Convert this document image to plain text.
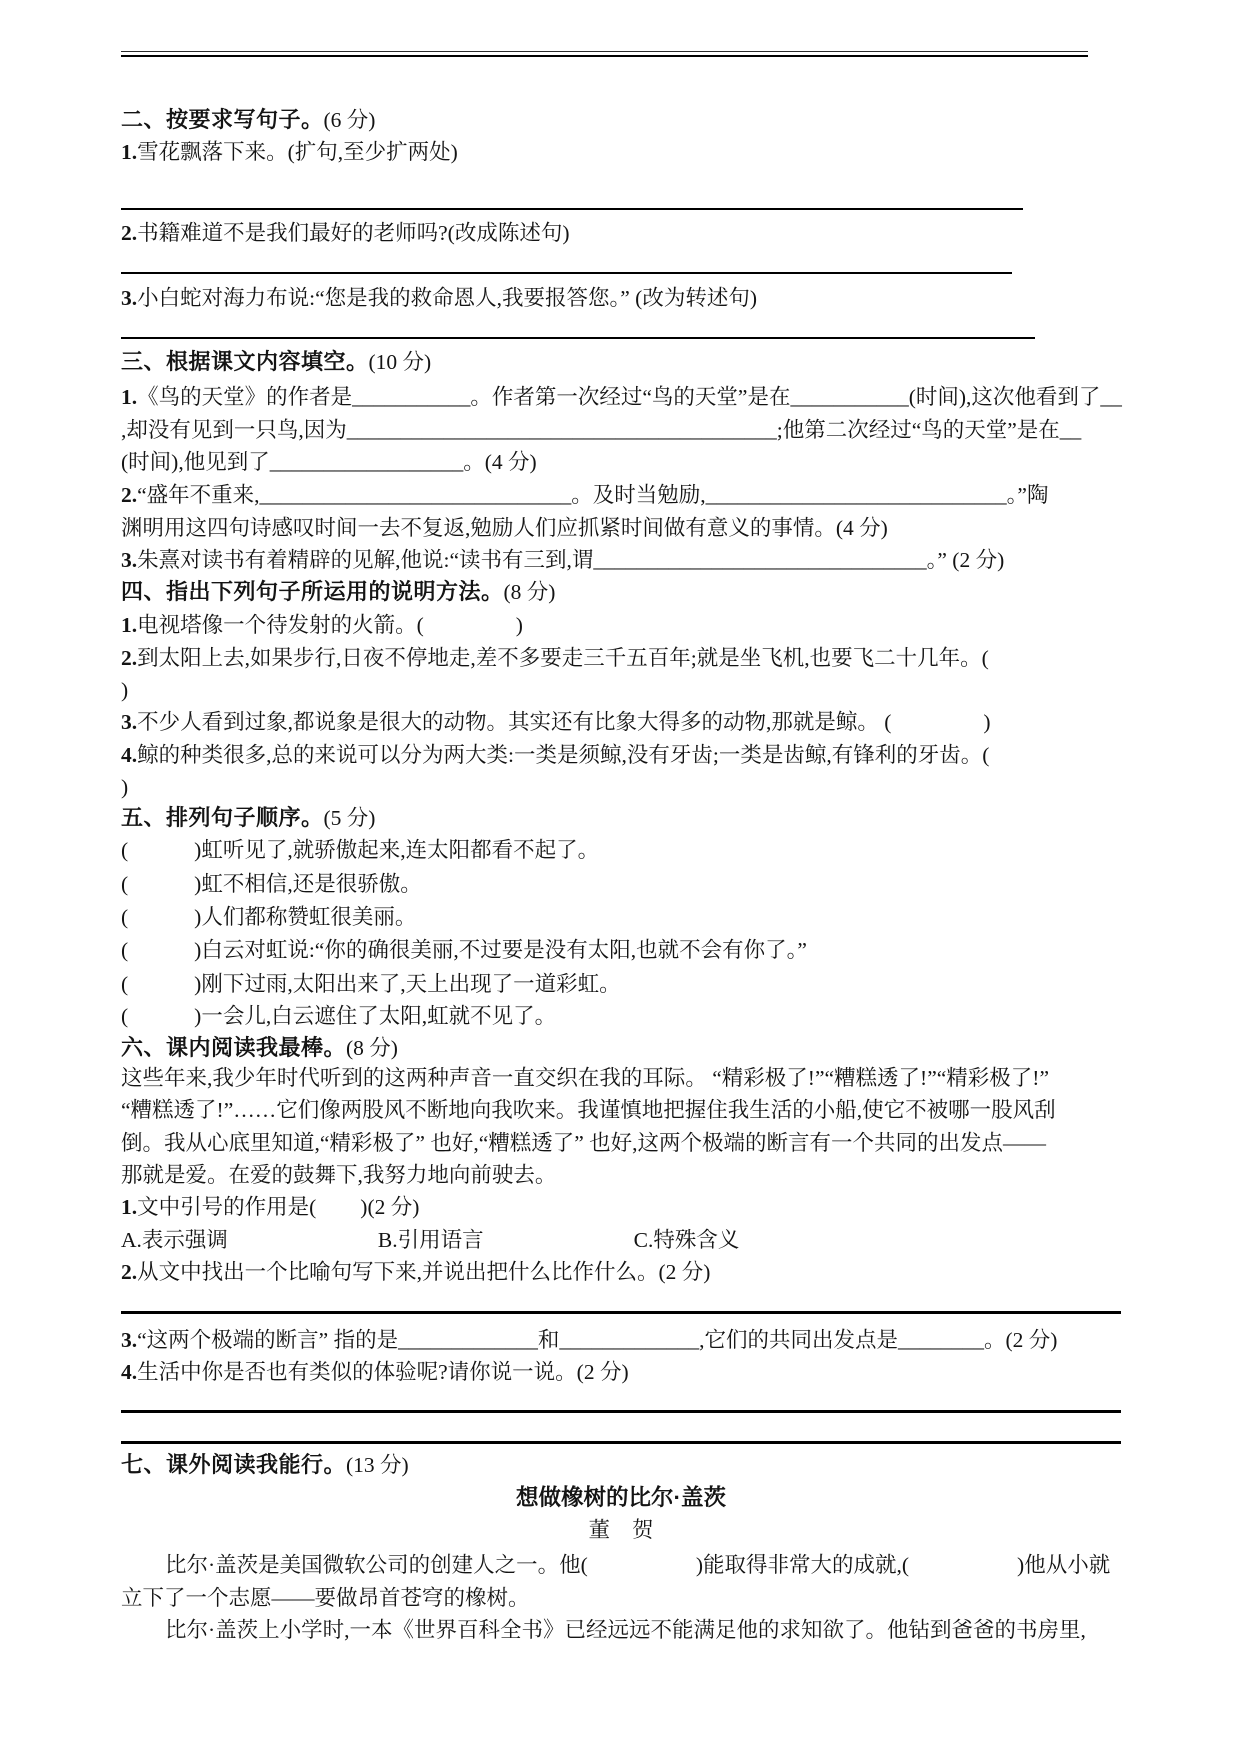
二、按要求写句子。(6 分)
1.雪花飘落下来。(扩句,至少扩两处)
2.书籍难道不是我们最好的老师吗?(改成陈述句)
3.小白蛇对海力布说:“您是我的救命恩人,我要报答您。” (改为转述句)
三、根据课文内容填空。(10 分)
1.《鸟的天堂》的作者是___________。作者第一次经过“鸟的天堂”是在___________(时间),这次他看到了__
,却没有见到一只鸟,因为________________________________________;他第二次经过“鸟的天堂”是在__
(时间),他见到了__________________。(4 分)
2.“盛年不重来,_____________________________。及时当勉励,____________________________。”陶
渊明用这四句诗感叹时间一去不复返,勉励人们应抓紧时间做有意义的事情。(4 分)
3.朱熹对读书有着精辟的见解,他说:“读书有三到,谓_______________________________。” (2 分)
四、指出下列句子所运用的说明方法。(8 分)
1.电视塔像一个待发射的火箭。(	)
2.到太阳上去,如果步行,日夜不停地走,差不多要走三千五百年;就是坐飞机,也要飞二十几年。(
)
3.不少人看到过象,都说象是很大的动物。其实还有比象大得多的动物,那就是鲸。 (	)
4.鲸的种类很多,总的来说可以分为两大类:一类是须鲸,没有牙齿;一类是齿鲸,有锋利的牙齿。(
)
五、排列句子顺序。(5 分)
(	)虹听见了,就骄傲起来,连太阳都看不起了。
(	)虹不相信,还是很骄傲。
(	)人们都称赞虹很美丽。
(	)白云对虹说:“你的确很美丽,不过要是没有太阳,也就不会有你了。”
(	)刚下过雨,太阳出来了,天上出现了一道彩虹。
(	)一会儿,白云遮住了太阳,虹就不见了。
六、课内阅读我最棒。(8 分)
这些年来,我少年时代听到的这两种声音一直交织在我的耳际。 “精彩极了!”“糟糕透了!”“精彩极了!”
“糟糕透了!”……它们像两股风不断地向我吹来。我谨慎地把握住我生活的小船,使它不被哪一股风刮
倒。我从心底里知道,“精彩极了” 也好,“糟糕透了” 也好,这两个极端的断言有一个共同的出发点——
那就是爱。在爱的鼓舞下,我努力地向前驶去。
1.文中引号的作用是( )(2 分)
A.表示强调	B.引用语言	C.特殊含义
2.从文中找出一个比喻句写下来,并说出把什么比作什么。(2 分)
3.“这两个极端的断言” 指的是_____________和_____________,它们的共同出发点是________。(2 分)
4.生活中你是否也有类似的体验呢?请你说一说。(2 分)
七、课外阅读我能行。(13 分)
想做橡树的比尔·盖茨
董 贺
比尔·盖茨是美国微软公司的创建人之一。他(	)能取得非常大的成就,(	)他从小就
立下了一个志愿——要做昂首苍穹的橡树。
比尔·盖茨上小学时,一本《世界百科全书》已经远远不能满足他的求知欲了。他钻到爸爸的书房里,
